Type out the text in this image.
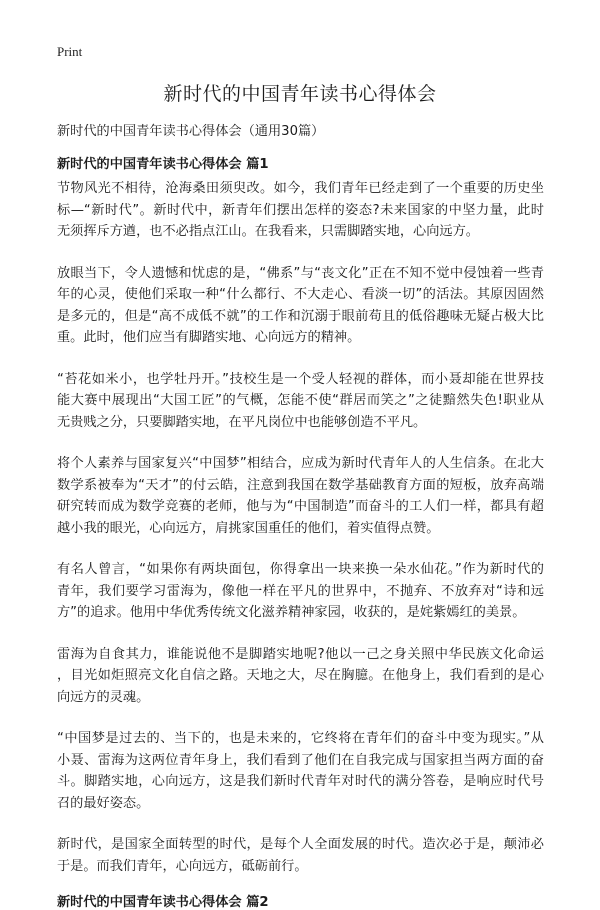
Print
新时代的中国青年读书心得体会
新时代的中国青年读书心得体会（通用30篇）
新时代的中国青年读书心得体会 篇1

节物风光不相待，沧海桑田须臾改。如今，我们青年已经走到了一个重要的历史坐
标—“新时代”。新时代中，新青年们摆出怎样的姿态?未来国家的中坚力量，此时
无须挥斥方遒，也不必指点江山。在我看来，只需脚踏实地，心向远方。

放眼当下，令人遗憾和忧虑的是，“佛系”与“丧文化”正在不知不觉中侵蚀着一些青
年的心灵，使他们采取一种“什么都行、不大走心、看淡一切”的活法。其原因固然
是多元的，但是“高不成低不就”的工作和沉溺于眼前苟且的低俗趣味无疑占极大比
重。此时，他们应当有脚踏实地、心向远方的精神。

“苔花如米小，也学牡丹开。”技校生是一个受人轻视的群体，而小聂却能在世界技
能大赛中展现出“大国工匠”的气概，怎能不使“群居而笑之”之徒黯然失色!职业从
无贵贱之分，只要脚踏实地，在平凡岗位中也能够创造不平凡。

将个人素养与国家复兴“中国梦”相结合，应成为新时代青年人的人生信条。在北大
数学系被奉为“天才”的付云皓，注意到我国在数学基础教育方面的短板，放弃高端
研究转而成为数学竞赛的老师，他与为“中国制造”而奋斗的工人们一样，都具有超
越小我的眼光，心向远方，肩挑家国重任的他们，着实值得点赞。

有名人曾言，“如果你有两块面包，你得拿出一块来换一朵水仙花。”作为新时代的
青年，我们要学习雷海为，像他一样在平凡的世界中，不抛弃、不放弃对“诗和远
方”的追求。他用中华优秀传统文化滋养精神家园，收获的，是姹紫嫣红的美景。

雷海为自食其力，谁能说他不是脚踏实地呢?他以一己之身关照中华民族文化命运
，目光如炬照亮文化自信之路。天地之大，尽在胸臆。在他身上，我们看到的是心
向远方的灵魂。

“中国梦是过去的、当下的，也是未来的，它终将在青年们的奋斗中变为现实。”从
小聂、雷海为这两位青年身上，我们看到了他们在自我完成与国家担当两方面的奋
斗。脚踏实地，心向远方，这是我们新时代青年对时代的满分答卷，是响应时代号
召的最好姿态。

新时代，是国家全面转型的时代，是每个人全面发展的时代。造次必于是，颠沛必
于是。而我们青年，心向远方，砥砺前行。

新时代的中国青年读书心得体会 篇2
